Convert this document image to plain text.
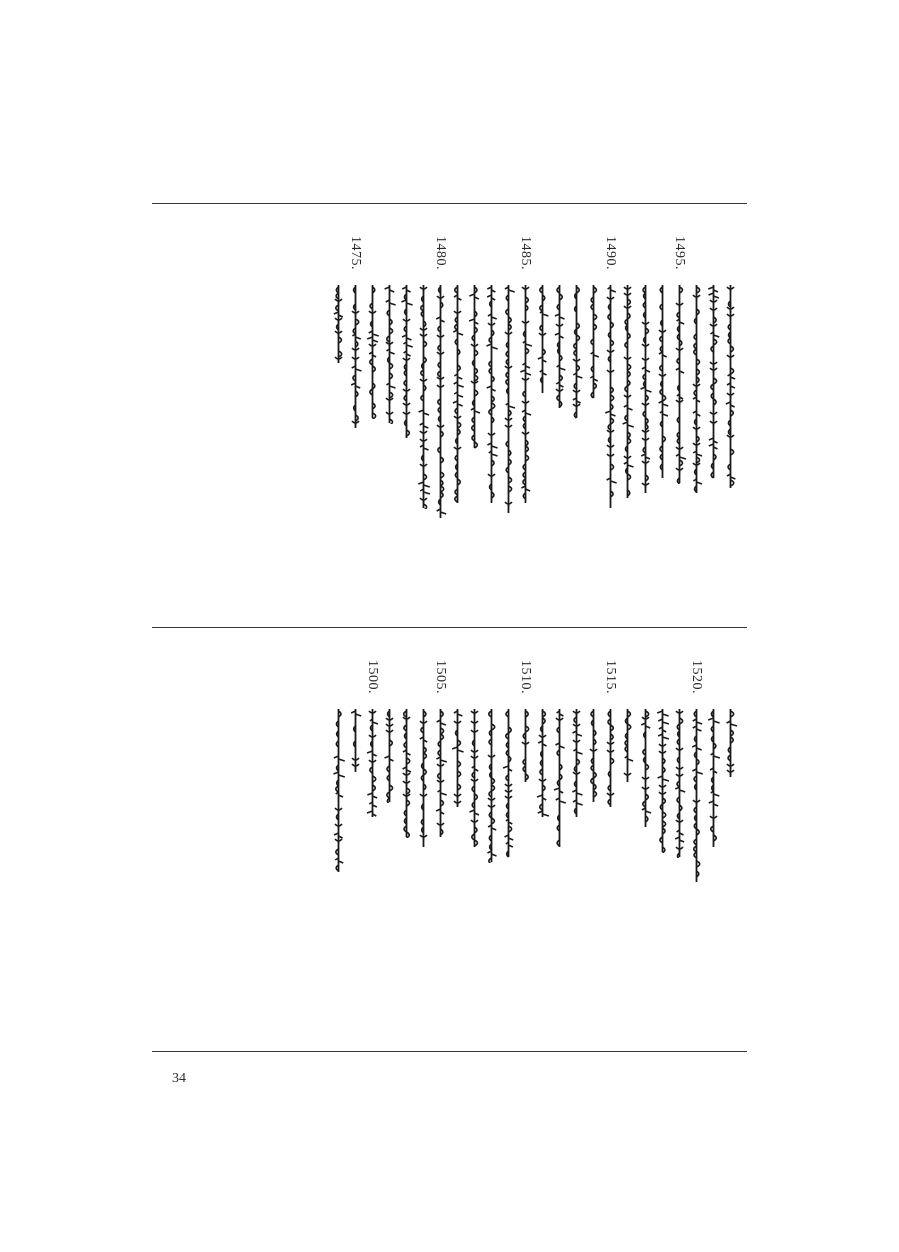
1495.
1490.
1485.
1480.
1475.
1520.
1515.
1510.
1505.
1500.
34
